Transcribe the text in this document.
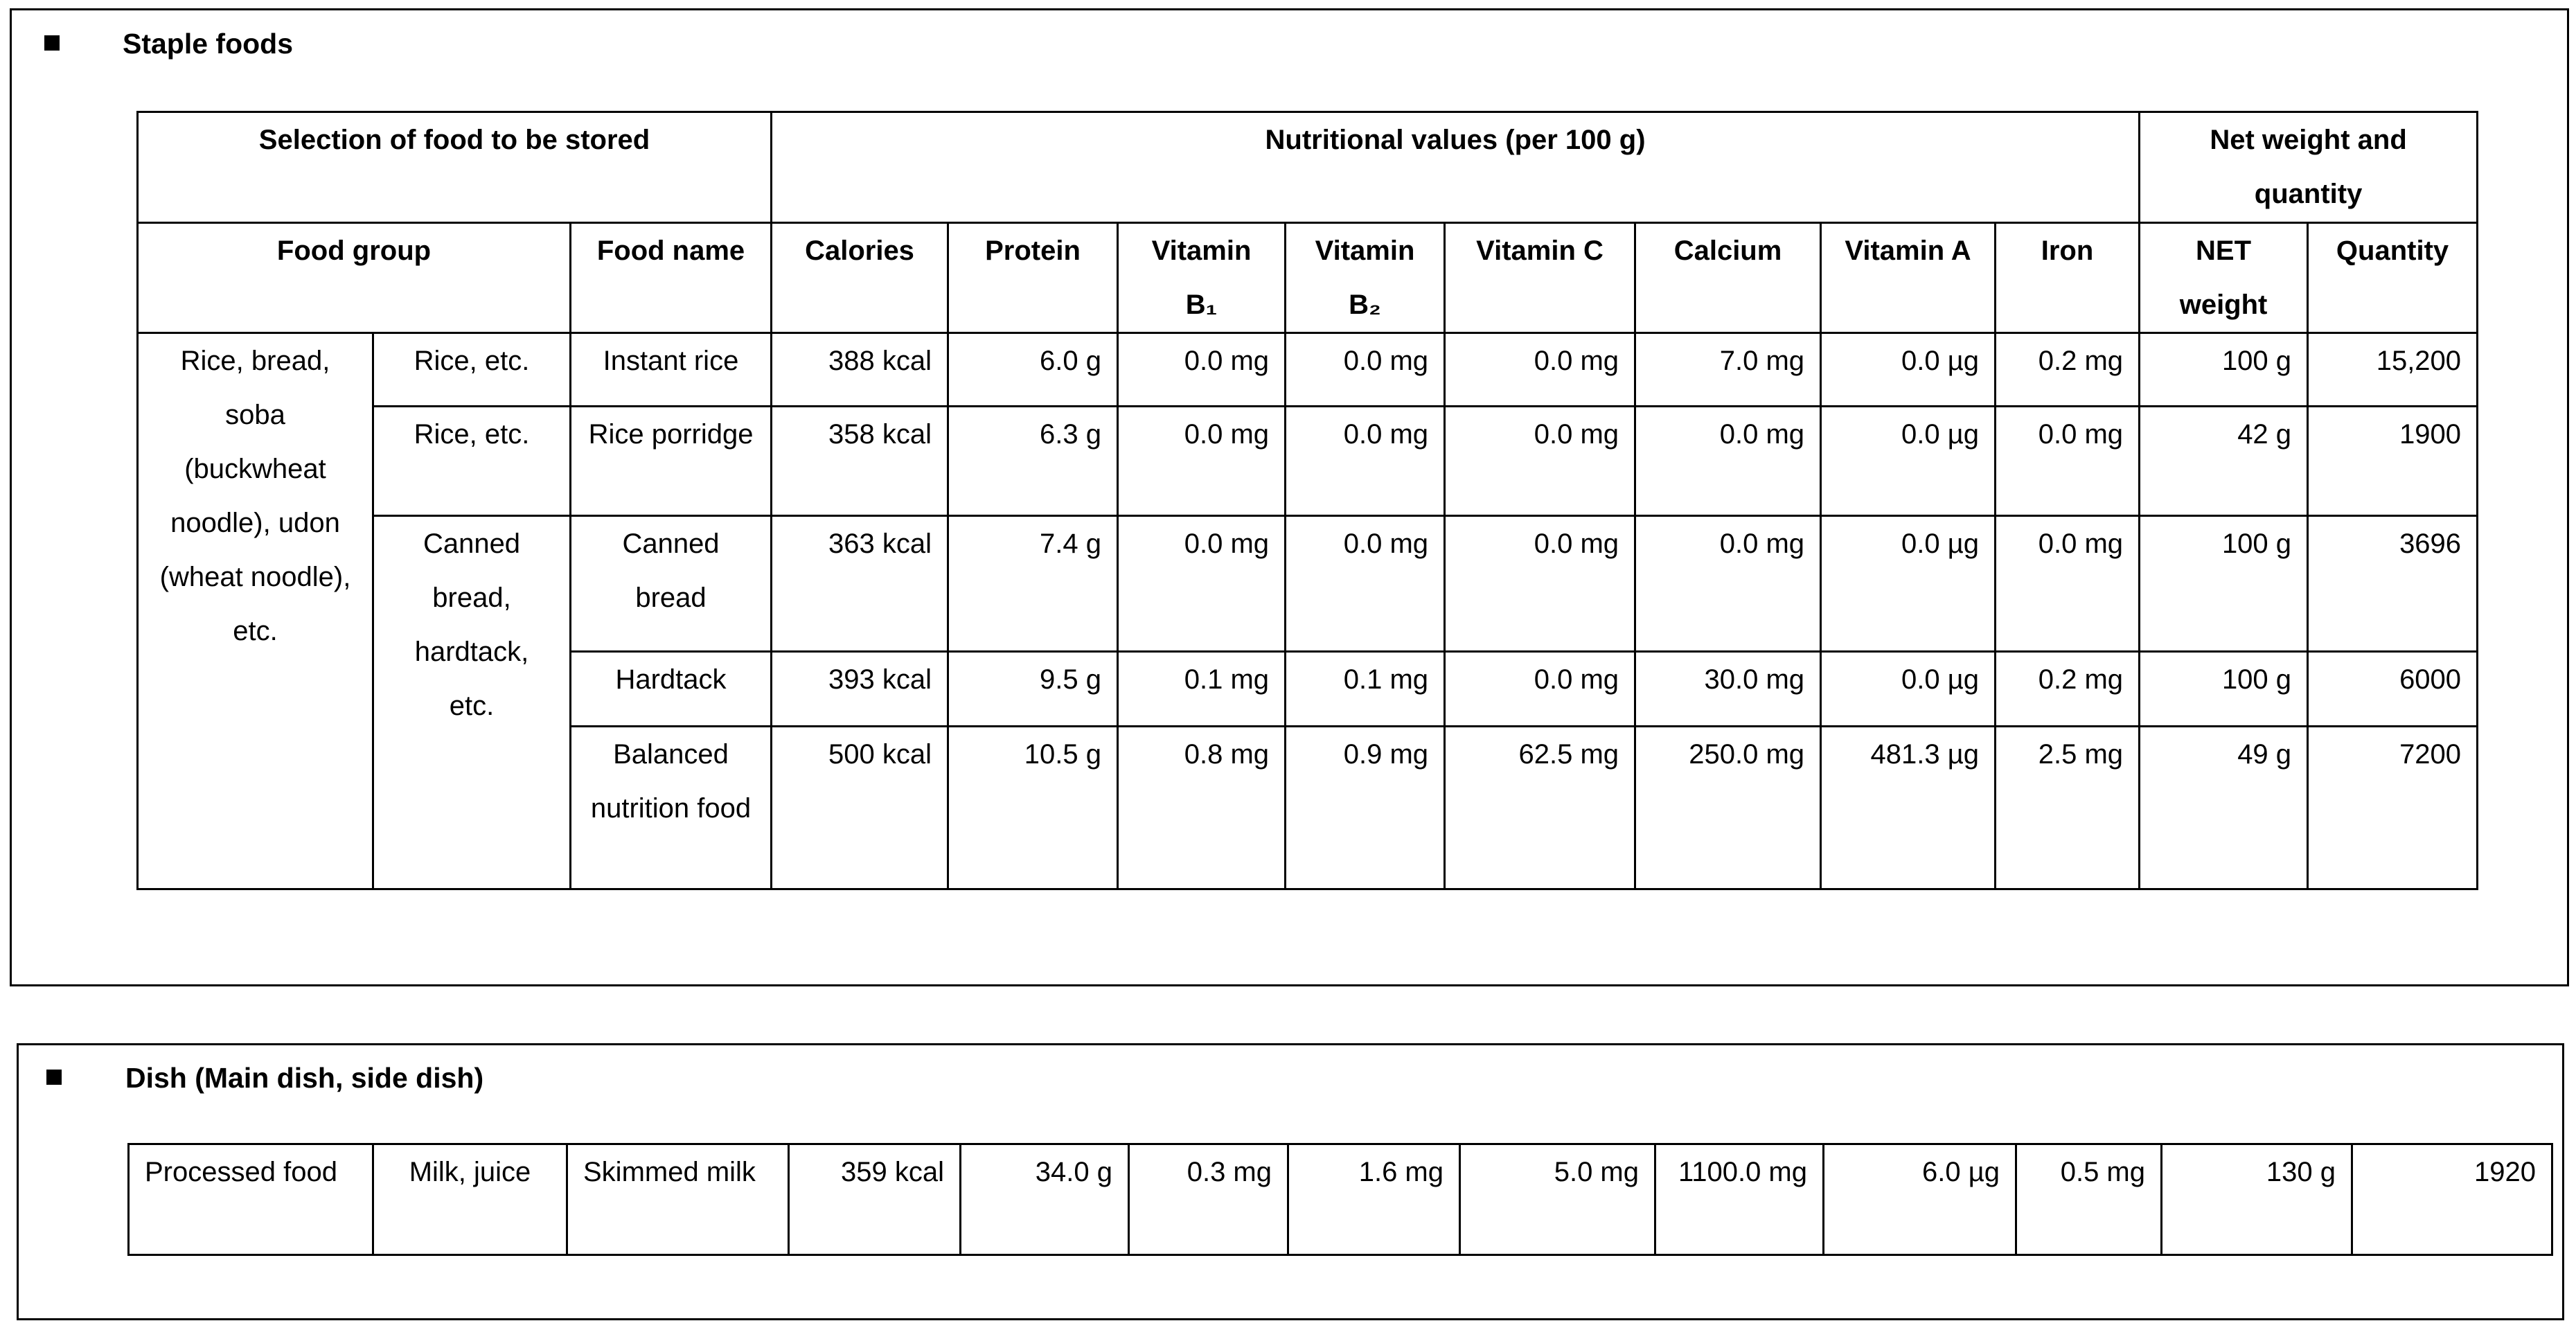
Staple foods
Selection of food to be stored			Nutritional values (per 100 g)								Net weight and quantity	
Food group		Food name	Calories	Protein	Vitamin B₁	Vitamin B₂	Vitamin C	Calcium	Vitamin A	Iron	NET weight	Quantity
Rice, bread, soba (buckwheat noodle), udon (wheat noodle), etc.	Rice, etc.	Instant rice	388 kcal	6.0 g	0.0 mg	0.0 mg	0.0 mg	7.0 mg	0.0 µg	0.2 mg	100 g	15,200
	Rice, etc.	Rice porridge	358 kcal	6.3 g	0.0 mg	0.0 mg	0.0 mg	0.0 mg	0.0 µg	0.0 mg	42 g	1900
	Canned bread, hardtack, etc.	Canned bread	363 kcal	7.4 g	0.0 mg	0.0 mg	0.0 mg	0.0 mg	0.0 µg	0.0 mg	100 g	3696
		Hardtack	393 kcal	9.5 g	0.1 mg	0.1 mg	0.0 mg	30.0 mg	0.0 µg	0.2 mg	100 g	6000
		Balanced nutrition food	500 kcal	10.5 g	0.8 mg	0.9 mg	62.5 mg	250.0 mg	481.3 µg	2.5 mg	49 g	7200
Dish (Main dish, side dish)
Processed food	Milk, juice	Skimmed milk	359 kcal	34.0 g	0.3 mg	1.6 mg	5.0 mg	1100.0 mg	6.0 µg	0.5 mg	130 g	1920
